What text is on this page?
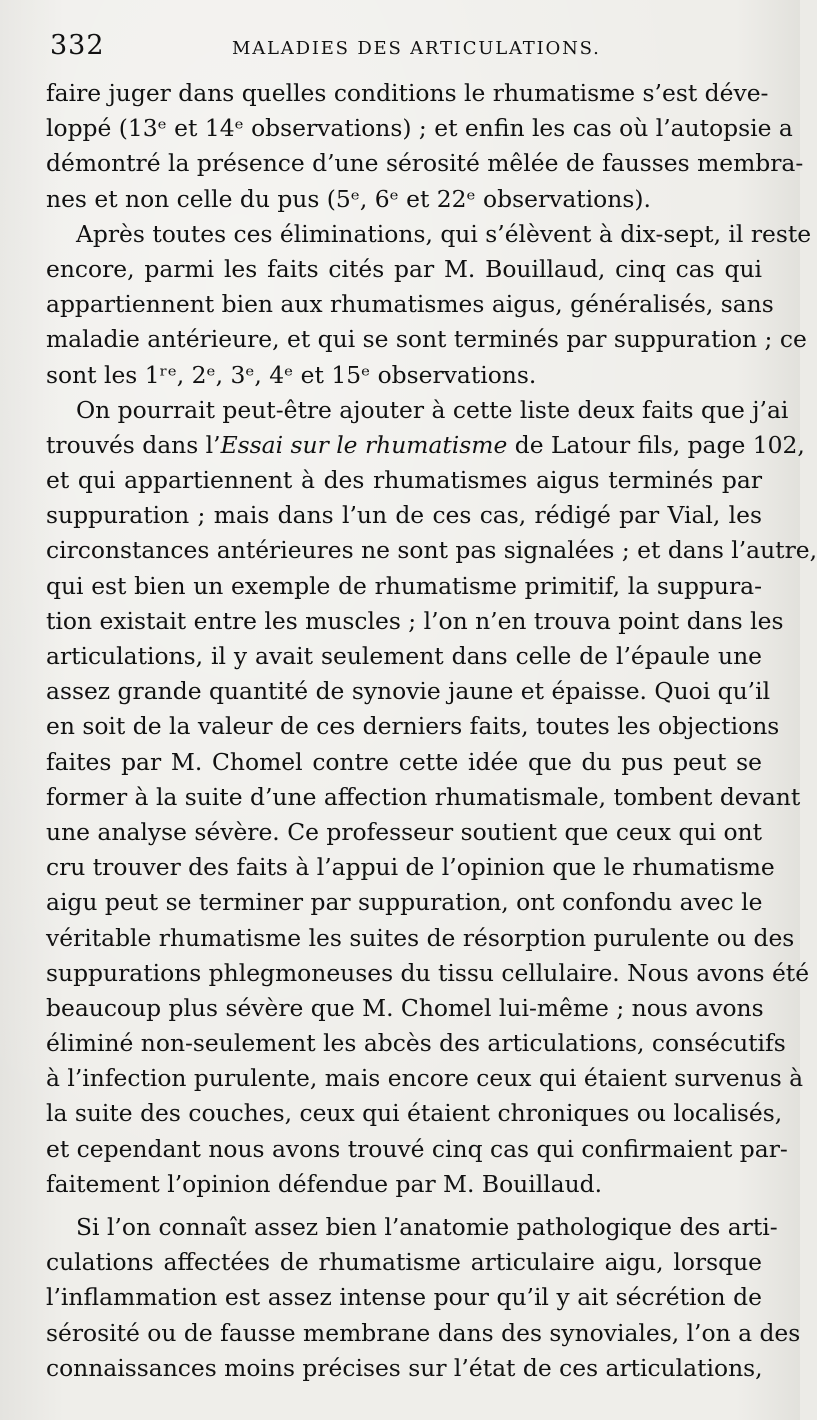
332	MALADIES DES ARTICULATIONS.
faire juger dans quelles conditions le rhumatisme s’est déve-
loppé (13ᵉ et 14ᵉ observations) ; et enfin les cas où l’autopsie a
démontré la présence d’une sérosité mêlée de fausses membra-
nes et non celle du pus (5ᵉ, 6ᵉ et 22ᵉ observations).
Après toutes ces éliminations, qui s’élèvent à dix-sept, il reste
encore, parmi les faits cités par M. Bouillaud, cinq cas qui
appartiennent bien aux rhumatismes aigus, généralisés, sans
maladie antérieure, et qui se sont terminés par suppuration ; ce
sont les 1ʳᵉ, 2ᵉ, 3ᵉ, 4ᵉ et 15ᵉ observations.
On pourrait peut-être ajouter à cette liste deux faits que j’ai
trouvés dans l’Essai sur le rhumatisme de Latour fils, page 102,
et qui appartiennent à des rhumatismes aigus terminés par
suppuration ; mais dans l’un de ces cas, rédigé par Vial, les
circonstances antérieures ne sont pas signalées ; et dans l’autre,
qui est bien un exemple de rhumatisme primitif, la suppura-
tion existait entre les muscles ; l’on n’en trouva point dans les
articulations, il y avait seulement dans celle de l’épaule une
assez grande quantité de synovie jaune et épaisse. Quoi qu’il
en soit de la valeur de ces derniers faits, toutes les objections
faites par M. Chomel contre cette idée que du pus peut se
former à la suite d’une affection rhumatismale, tombent devant
une analyse sévère. Ce professeur soutient que ceux qui ont
cru trouver des faits à l’appui de l’opinion que le rhumatisme
aigu peut se terminer par suppuration, ont confondu avec le
véritable rhumatisme les suites de résorption purulente ou des
suppurations phlegmoneuses du tissu cellulaire. Nous avons été
beaucoup plus sévère que M. Chomel lui-même ; nous avons
éliminé non-seulement les abcès des articulations, consécutifs
à l’infection purulente, mais encore ceux qui étaient survenus à
la suite des couches, ceux qui étaient chroniques ou localisés,
et cependant nous avons trouvé cinq cas qui confirmaient par-
faitement l’opinion défendue par M. Bouillaud.
Si l’on connaît assez bien l’anatomie pathologique des arti-
culations affectées de rhumatisme articulaire aigu, lorsque
l’inflammation est assez intense pour qu’il y ait sécrétion de
sérosité ou de fausse membrane dans des synoviales, l’on a des
connaissances moins précises sur l’état de ces articulations,
